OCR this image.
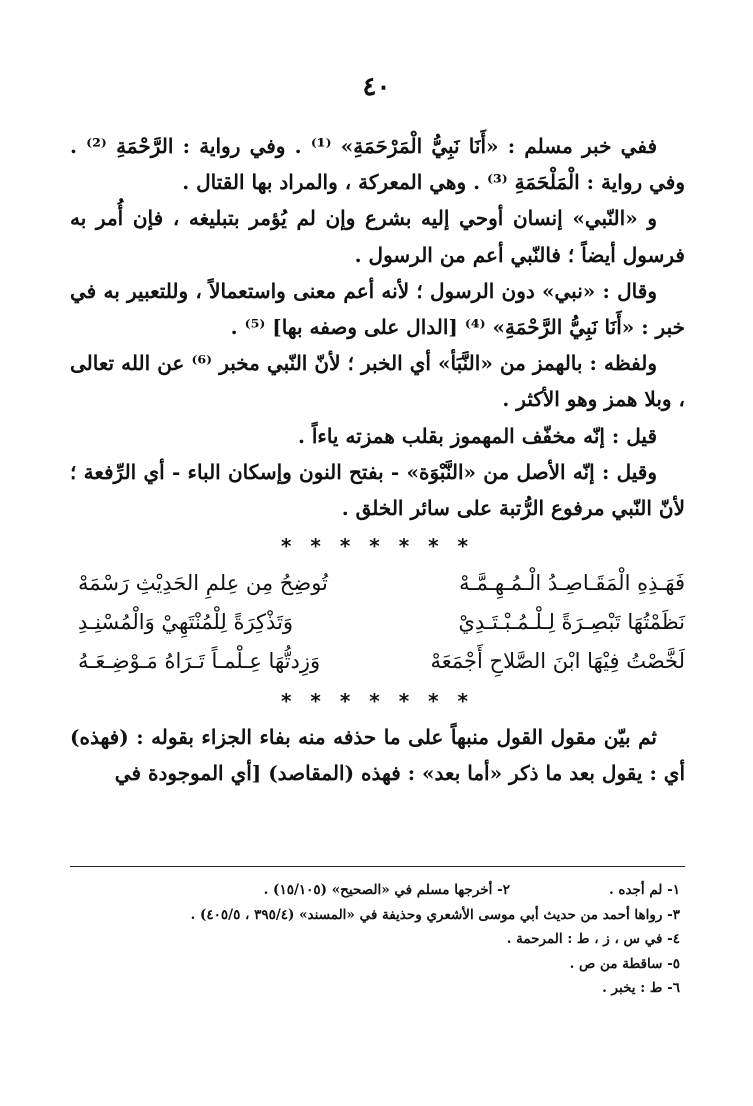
٤٠

ففي خبر مسلم : «أَنَا نَبِيُّ الْمَرْحَمَةِ» ⁽¹⁾ . وفي رواية : الرَّحْمَةِ ⁽²⁾ . وفي رواية : الْمَلْحَمَةِ ⁽³⁾ . وهي المعركة ، والمراد بها القتال .

و «النّبي» إنسان أوحي إليه بشرع وإن لم يُؤمر بتبليغه ، فإن أُمر به فرسول أيضاً ؛ فالنّبي أعم من الرسول .

وقال : «نبي» دون الرسول ؛ لأنه أعم معنى واستعمالاً ، وللتعبير به في خبر : «أَنَا نَبِيُّ الرَّحْمَةِ» ⁽⁴⁾ [الدال على وصفه بها] ⁽⁵⁾ .

ولفظه : بالهمز من «النَّبَأ» أي الخبر ؛ لأنّ النّبي مخبر ⁽⁶⁾ عن الله تعالى ، وبلا همز وهو الأكثر .

قيل : إنّه مخفّف المهموز بقلب همزته ياءاً .

وقيل : إنّه الأصل من «النَّبْوَة» - بفتح النون وإسكان الباء - أي الرِّفعة ؛ لأنّ النّبي مرفوع الرُّتبة على سائر الخلق .

* * * * * * *
فَهَـذِهِ الْمَقَـاصِـدُ الْـمُـهِـمَّـهْ
تُوضِحُ مِن عِلمِ الحَدِيْثِ رَسْمَهْ
نَظَمْتُهَا تَبْصِـرَةً لِـلْـمُـبْـتَـدِيْ
وَتَذْكِرَةً لِلْمُنْتَهِيْ وَالْمُسْنِـدِ
لَخَّصْتُ فِيْهَا ابْنَ الصَّلاحِ أَجْمَعَهْ
وَزِدتُّهَا عِـلْمـاً تَـرَاهُ مَـوْضِـعَـهُ
* * * * * * *

ثم بيّن مقول القول منبهاً على ما حذفه منه بفاء الجزاء بقوله : (فهذه) أي : يقول بعد ما ذكر «أما بعد» : فهذه (المقاصد) [أي الموجودة في

١- لم أجده .
٢- أخرجها مسلم في «الصحيح» (١٥/١٠٥) .
٣- رواها أحمد من حديث أبي موسى الأشعري وحذيفة في «المسند» (٣٩٥/٤ ، ٤٠٥/٥) .
٤- في س ، ز ، ط : المرحمة .
٥- ساقطة من ص .
٦- ط : يخبر .
